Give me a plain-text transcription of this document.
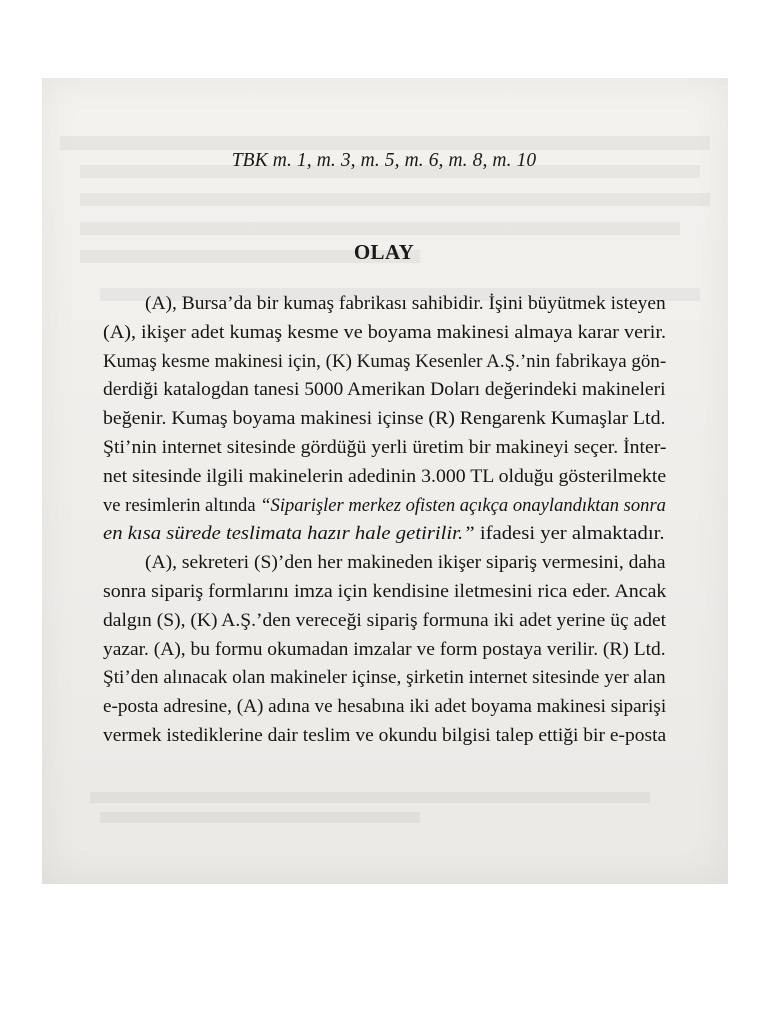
TBK m. 1, m. 3, m. 5, m. 6, m. 8, m. 10
OLAY
(A), Bursa’da bir kumaş fabrikası sahibidir. İşini büyütmek isteyen
(A), ikişer adet kumaş kesme ve boyama makinesi almaya karar verir.
Kumaş kesme makinesi için, (K) Kumaş Kesenler A.Ş.’nin fabrikaya gön-
derdiği katalogdan tanesi 5000 Amerikan Doları değerindeki makineleri
beğenir. Kumaş boyama makinesi içinse (R) Rengarenk Kumaşlar Ltd.
Şti’nin internet sitesinde gördüğü yerli üretim bir makineyi seçer. İnter-
net sitesinde ilgili makinelerin adedinin 3.000 TL olduğu gösterilmekte
ve resimlerin altında “Siparişler merkez ofisten açıkça onaylandıktan sonra
en kısa sürede teslimata hazır hale getirilir.” ifadesi yer almaktadır.
(A), sekreteri (S)’den her makineden ikişer sipariş vermesini, daha
sonra sipariş formlarını imza için kendisine iletmesini rica eder. Ancak
dalgın (S), (K) A.Ş.’den vereceği sipariş formuna iki adet yerine üç adet
yazar. (A), bu formu okumadan imzalar ve form postaya verilir. (R) Ltd.
Şti’den alınacak olan makineler içinse, şirketin internet sitesinde yer alan
e-posta adresine, (A) adına ve hesabına iki adet boyama makinesi siparişi
vermek istediklerine dair teslim ve okundu bilgisi talep ettiği bir e-posta
